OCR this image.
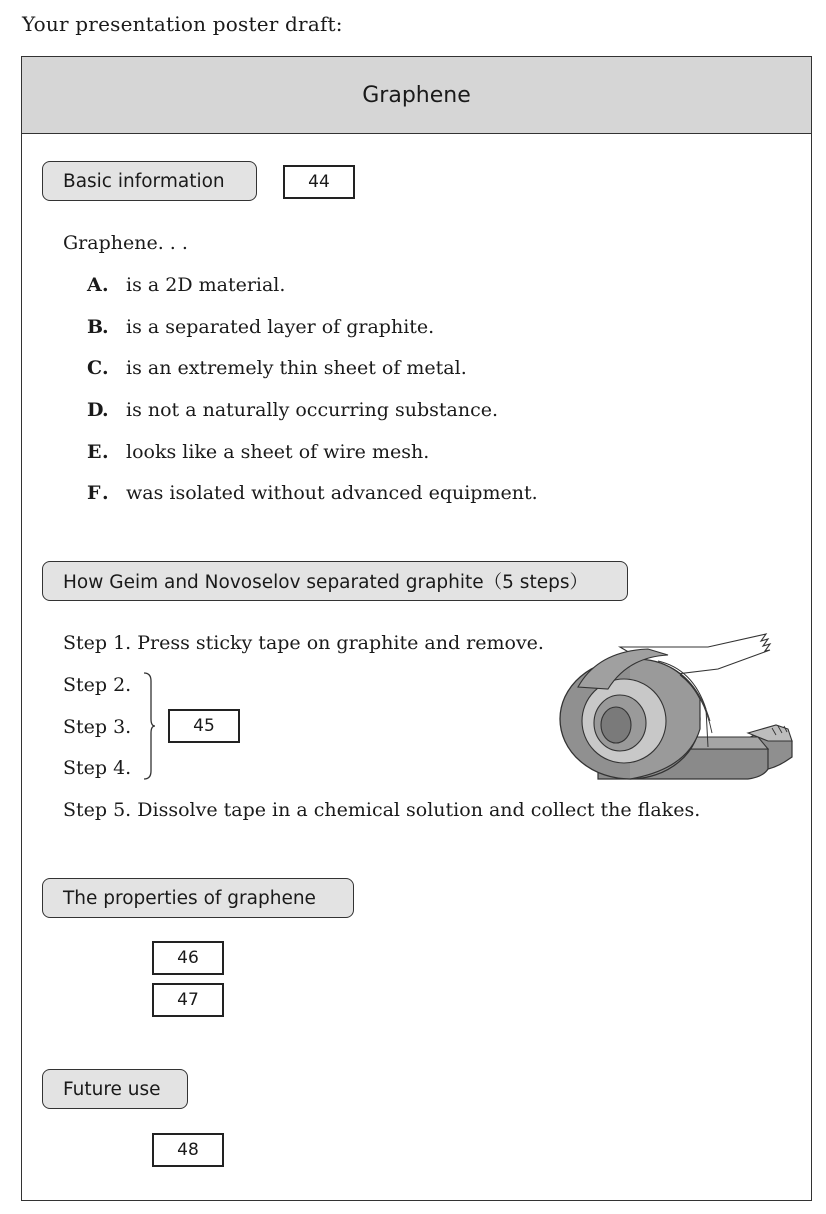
Your presentation poster draft:
Graphene
Basic information	44
Graphene. . .
A . is a 2D material.
B
. is a separated layer of graphite.
C . is an extremely thin sheet of metal.
D
. is not a naturally occurring substance.
E . looks like a sheet of wire mesh.
F . was isolated without advanced equipment.
How Geim and Novoselov separated graphite（5 steps）
Step 1. Press sticky tape on graphite and remove.
Step 2.
Step 3.
Step 4.
45
Step 5. Dissolve tape in a chemical solution and collect the flakes.
The properties of graphene
46
47
Future use
48
